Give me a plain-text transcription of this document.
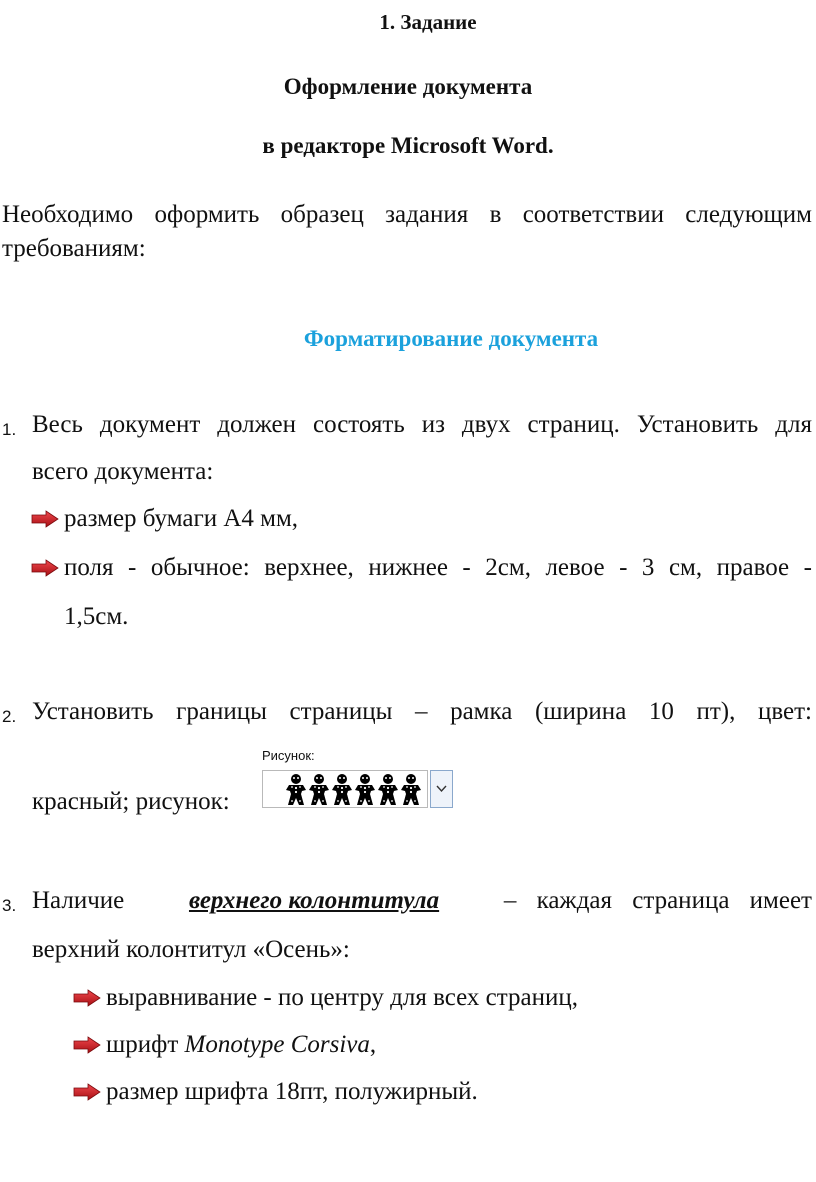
1. Задание
Оформление документа
в редакторе Microsoft Word.
Необходимо оформить образец задания в соответствии следующим
требованиям:
Форматирование документа
1. Весь документ должен состоять из двух страниц. Установить для
всего документа:
размер бумаги А4 мм,
поля - обычное: верхнее, нижнее - 2см, левое - 3 см, правое -
1,5см.
2. Установить границы страницы – рамка (ширина 10 пт), цвет:
красный; рисунок:
Рисунок:
3. Наличие	верхнего колонтитула	– каждая страница имеет
верхний колонтитул «Осень»:
выравнивание - по центру для всех страниц,
шрифт Monotype Corsiva,
размер шрифта 18пт, полужирный.
